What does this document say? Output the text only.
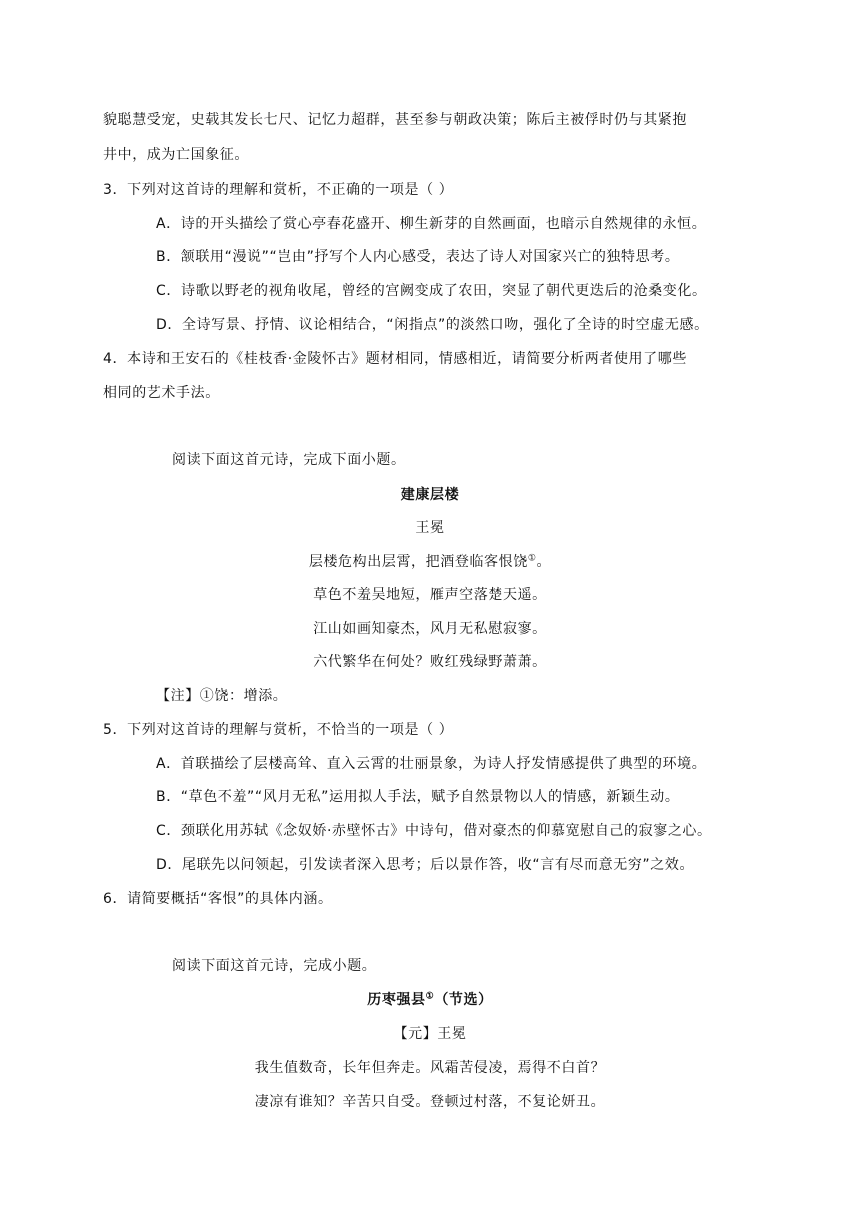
貌聪慧受宠，史载其发长七尺、记忆力超群，甚至参与朝政决策；陈后主被俘时仍与其紧抱
井中，成为亡国象征。
3．下列对这首诗的理解和赏析，不正确的一项是（ ）
A．诗的开头描绘了赏心亭春花盛开、柳生新芽的自然画面，也暗示自然规律的永恒。
B．颔联用“漫说”“岂由”抒写个人内心感受，表达了诗人对国家兴亡的独特思考。
C．诗歌以野老的视角收尾，曾经的宫阙变成了农田，突显了朝代更迭后的沧桑变化。
D．全诗写景、抒情、议论相结合，“闲指点”的淡然口吻，强化了全诗的时空虚无感。
4．本诗和王安石的《桂枝香·金陵怀古》题材相同，情感相近，请简要分析两者使用了哪些
相同的艺术手法。
阅读下面这首元诗，完成下面小题。
建康层楼
王冕
层楼危构出层霄，把酒登临客恨饶①。
草色不羞吴地短，雁声空落楚天遥。
江山如画知豪杰，风月无私慰寂寥。
六代繁华在何处？败红残绿野萧萧。
【注】①饶：增添。
5．下列对这首诗的理解与赏析，不恰当的一项是（ ）
A．首联描绘了层楼高耸、直入云霄的壮丽景象，为诗人抒发情感提供了典型的环境。
B．“草色不羞”“风月无私”运用拟人手法，赋予自然景物以人的情感，新颖生动。
C．颈联化用苏轼《念奴娇·赤壁怀古》中诗句，借对豪杰的仰慕宽慰自己的寂寥之心。
D．尾联先以问领起，引发读者深入思考；后以景作答，收“言有尽而意无穷”之效。
6．请简要概括“客恨”的具体内涵。
阅读下面这首元诗，完成小题。
历枣强县①（节选）
【元】王冕
我生值数奇，长年但奔走。风霜苦侵凌，焉得不白首？
凄凉有谁知？辛苦只自受。登顿过村落，不复论妍丑。
